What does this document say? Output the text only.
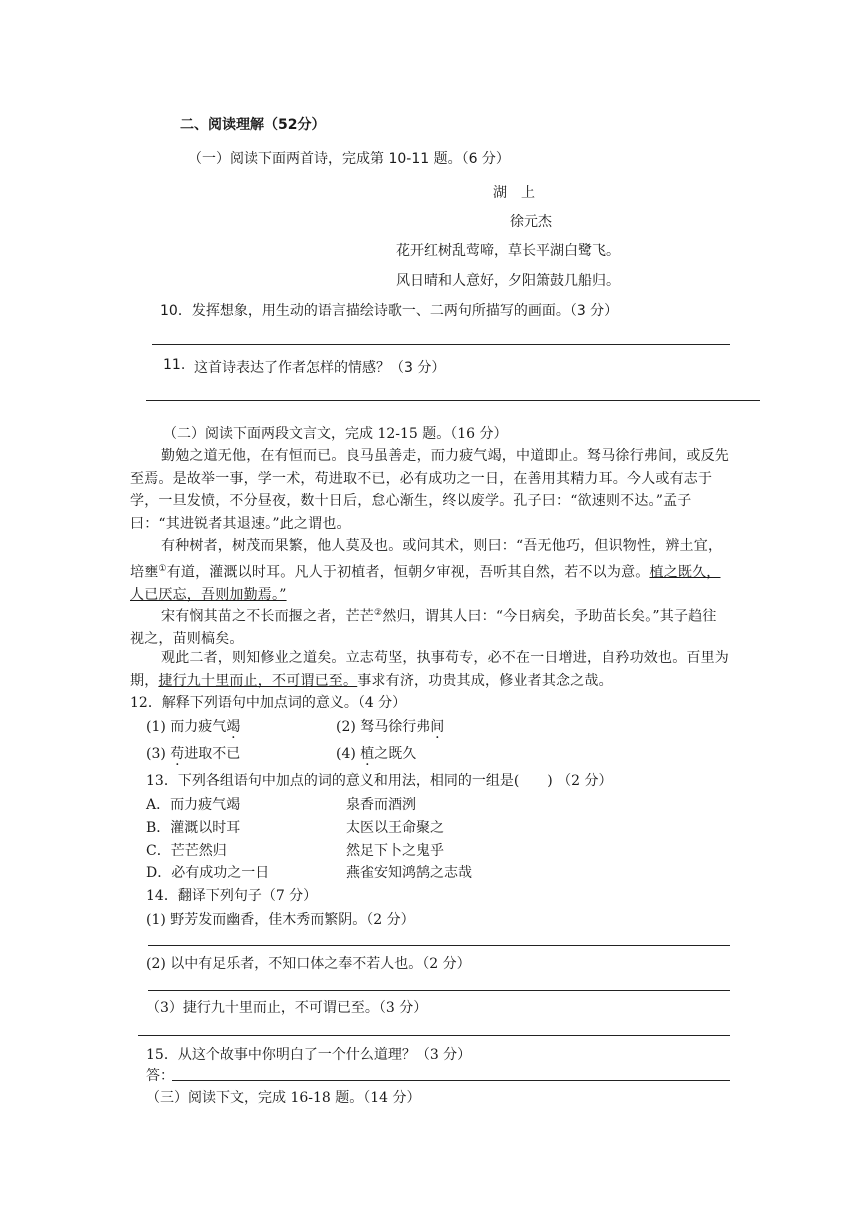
二、阅读理解（52分）
（一）阅读下面两首诗，完成第 10-11 题。（6 分）
湖　上
徐元杰
花开红树乱莺啼，草长平湖白鹭飞。
风日晴和人意好，夕阳箫鼓几船归。
10．发挥想象，用生动的语言描绘诗歌一、二两句所描写的画面。（3 分）
11. 这首诗表达了作者怎样的情感？（3 分）
（二）阅读下面两段文言文，完成 12-15 题。（16 分）
勤勉之道无他，在有恒而已。良马虽善走，而力疲气竭，中道即止。驽马徐行弗间，或反先至焉。是故举一事，学一术，苟进取不已，必有成功之一日，在善用其精力耳。今人或有志于学，一旦发愤，不分昼夜，数十日后，怠心渐生，终以废学。孔子曰：“欲速则不达。”孟子曰：“其进锐者其退速。”此之谓也。
有种树者，树茂而果繁，他人莫及也。或问其术，则曰：“吾无他巧，但识物性，辨土宜，培壅①有道，灌溉以时耳。凡人于初植者，恒朝夕审视，吾听其自然，若不以为意。植之既久，人已厌忘，吾则加勤焉。”
宋有悯其苗之不长而揠之者，芒芒②然归，谓其人曰：“今日病矣，予助苗长矣。”其子趋往视之，苗则槁矣。
观此二者，则知修业之道矣。立志苟坚，执事苟专，必不在一日增进，自矜功效也。百里为期，捷行九十里而止，不可谓已至。事求有济，功贵其成，修业者其念之哉。
12．解释下列语句中加点词的意义。（4 分）
(1) 而力疲气竭	(2) 驽马徐行弗间
(3) 苟进取不已	(4) 植之既久
13．下列各组语句中加点的词的意义和用法，相同的一组是(　　) （2 分）
A．而力疲气竭	泉香而酒洌
B．灌溉以时耳	太医以王命聚之
C．芒芒然归	然足下卜之鬼乎
D．必有成功之一日	燕雀安知鸿鹄之志哉
14．翻译下列句子（7 分）
(1) 野芳发而幽香，佳木秀而繁阴。（2 分）
(2) 以中有足乐者，不知口体之奉不若人也。（2 分）
（3）捷行九十里而止，不可谓已至。（3 分）
15．从这个故事中你明白了一个什么道理？（3 分）
答：
（三）阅读下文，完成 16-18 题。（14 分）
